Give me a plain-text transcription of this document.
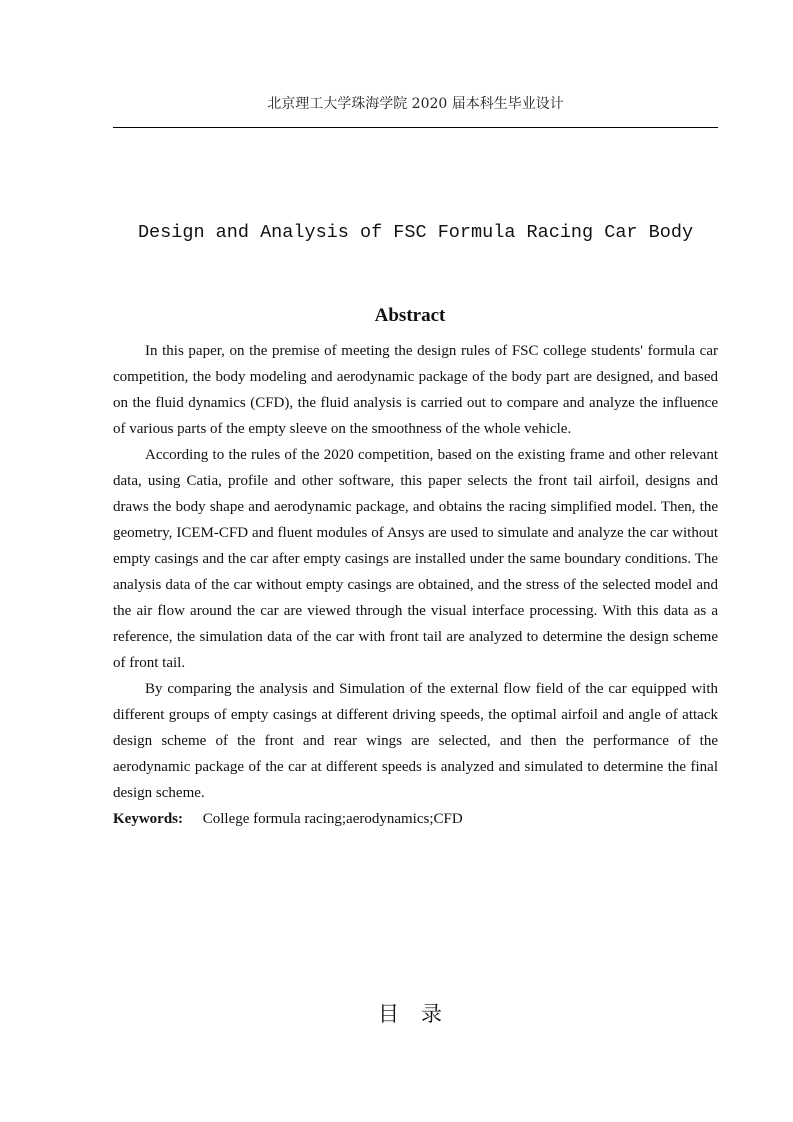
北京理工大学珠海学院 2020 届本科生毕业设计
Design and Analysis of FSC Formula Racing Car Body
Abstract

In this paper, on the premise of meeting the design rules of FSC college students' formula car competition, the body modeling and aerodynamic package of the body part are designed, and based on the fluid dynamics (CFD), the fluid analysis is carried out to compare and analyze the influence of various parts of the empty sleeve on the smoothness of the whole vehicle.

According to the rules of the 2020 competition, based on the existing frame and other relevant data, using Catia, profile and other software, this paper selects the front tail airfoil, designs and draws the body shape and aerodynamic package, and obtains the racing simplified model. Then, the geometry, ICEM-CFD and fluent modules of Ansys are used to simulate and analyze the car without empty casings and the car after empty casings are installed under the same boundary conditions. The analysis data of the car without empty casings are obtained, and the stress of the selected model and the air flow around the car are viewed through the visual interface processing. With this data as a reference, the simulation data of the car with front tail are analyzed to determine the design scheme of front tail.

By comparing the analysis and Simulation of the external flow field of the car equipped with different groups of empty casings at different driving speeds, the optimal airfoil and angle of attack design scheme of the front and rear wings are selected, and then the performance of the aerodynamic package of the car at different speeds is analyzed and simulated to determine the final design scheme.

Keywords: College formula racing;aerodynamics;CFD
目录
